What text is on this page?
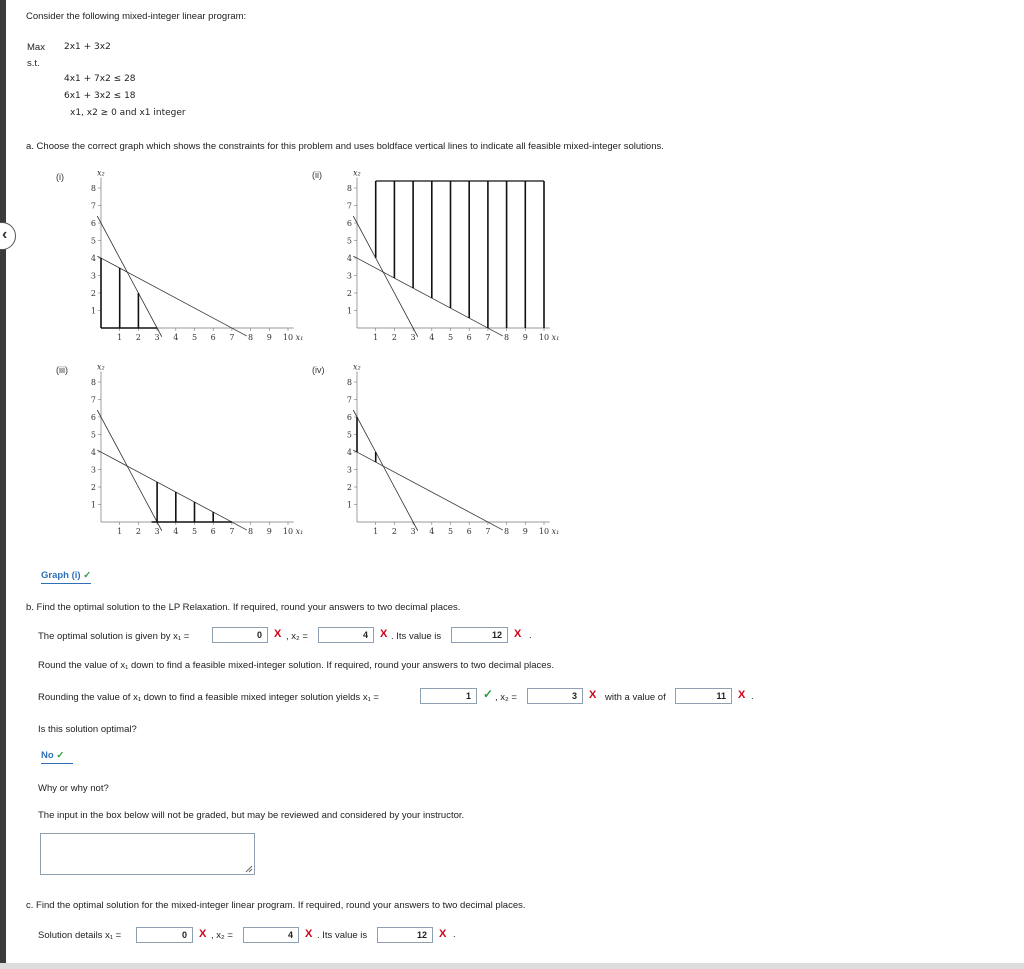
‹
Consider the following mixed-integer linear program:
Max 2x1 + 3x2
s.t.
4x1 + 7x2 ≤ 28
6x1 + 3x2 ≤ 18
x1, x2 ≥ 0 and x1 integer
a. Choose the correct graph which shows the constraints for this problem and uses boldface vertical lines to indicate all feasible mixed-integer solutions.
(i)	(ii)
(iii)	(iv)
1 2 3 4 5 6 7 8 9 10
1
2
3
4
5
6
7
8
x₁
x₂
1 2 3 4 5 6 7 8 9 10
1
2
3
4
5
6
7
8
x₁
x₂
1 2 3 4 5 6 7 8 9 10
1
2
3
4
5
6
7
8
x₁
x₂
1 2 3 4 5 6 7 8 9 10
1
2
3
4
5
6
7
8
x₁
x₂
Graph (i) ✓
b. Find the optimal solution to the LP Relaxation. If required, round your answers to two decimal places.
The optimal solution is given by x₁ =	0	X , x₂ =	4	X . Its value is	12	X .
Round the value of x₁ down to find a feasible mixed-integer solution. If required, round your answers to two decimal places.
Rounding the value of x₁ down to find a feasible mixed integer solution yields x₁ =	1	✓ , x₂ =	3	X with a value of	11	X .
Is this solution optimal?
No ✓
Why or why not?
The input in the box below will not be graded, but may be reviewed and considered by your instructor.
c. Find the optimal solution for the mixed-integer linear program. If required, round your answers to two decimal places.
Solution details x₁ =	0	X , x₂ =	4	X . Its value is	12	X .
